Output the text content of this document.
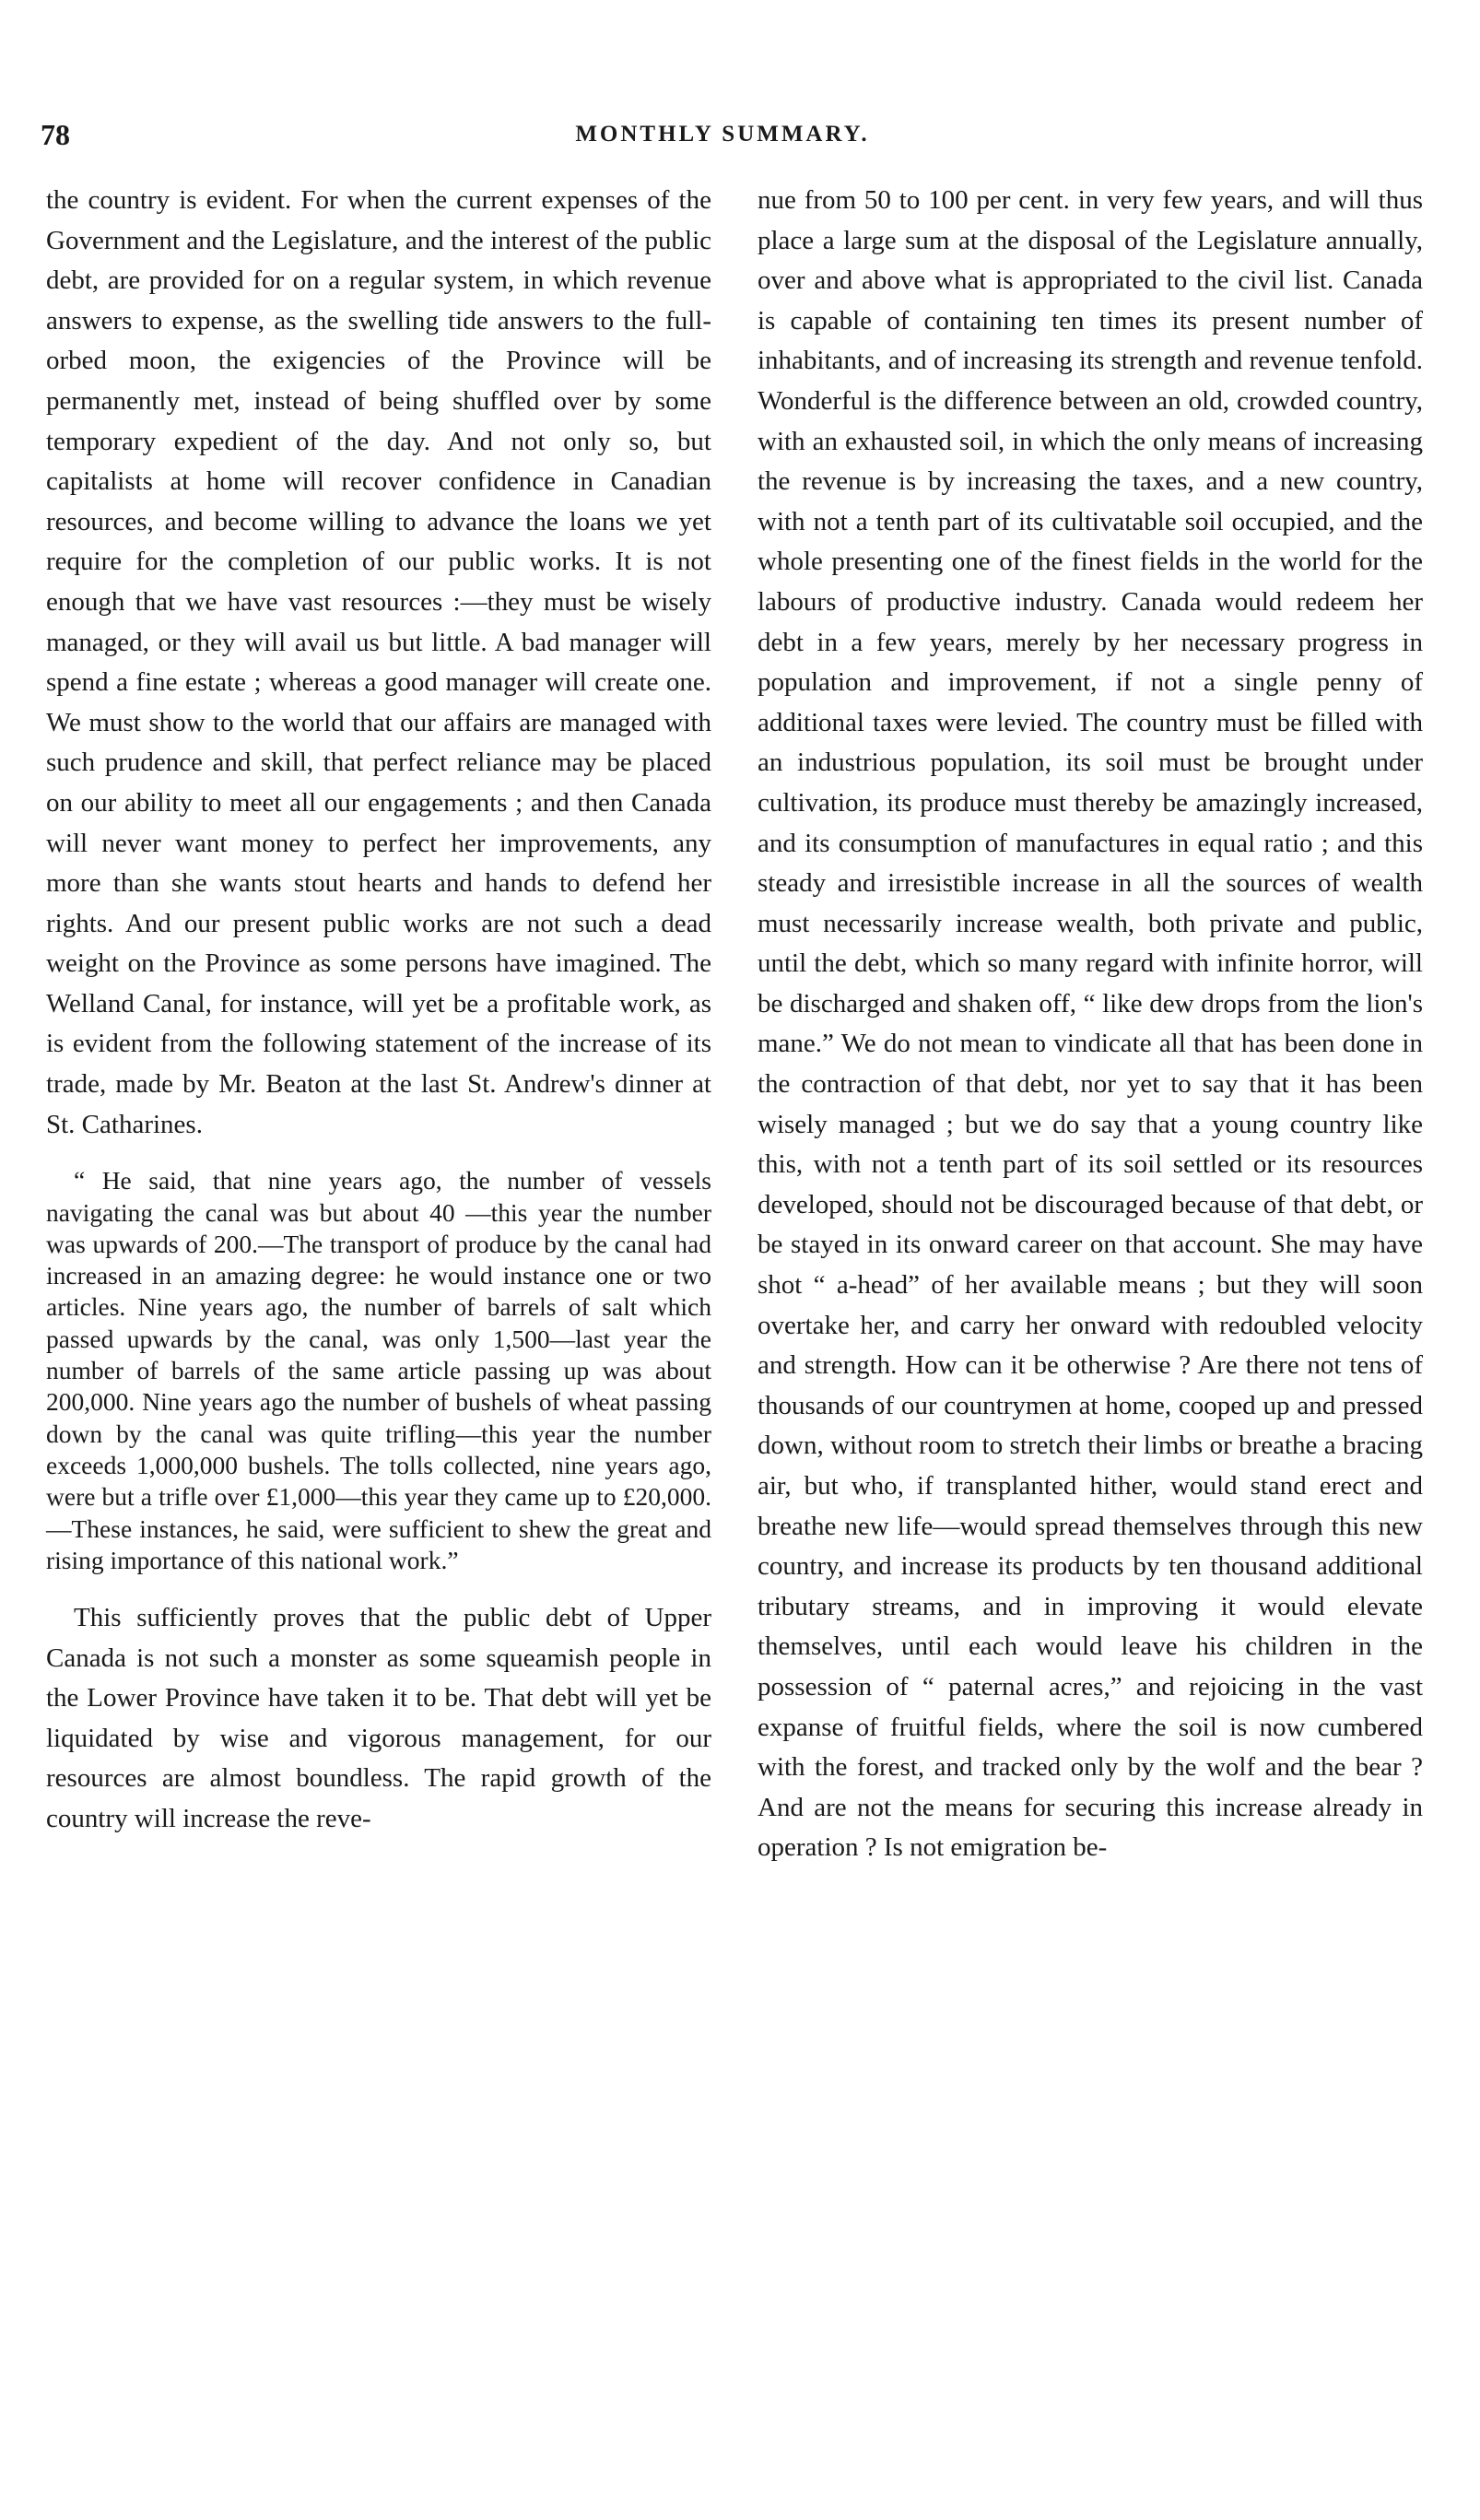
78	MONTHLY SUMMARY.

the country is evident. For when the current expenses of the Government and the Legislature, and the interest of the public debt, are provided for on a regular system, in which revenue answers to expense, as the swelling tide answers to the full-orbed moon, the exigencies of the Province will be permanently met, instead of being shuffled over by some temporary expedient of the day. And not only so, but capitalists at home will recover confidence in Canadian resources, and become willing to advance the loans we yet require for the completion of our public works. It is not enough that we have vast resources :—they must be wisely managed, or they will avail us but little. A bad manager will spend a fine estate ; whereas a good manager will create one. We must show to the world that our affairs are managed with such prudence and skill, that perfect reliance may be placed on our ability to meet all our engagements ; and then Canada will never want money to perfect her improvements, any more than she wants stout hearts and hands to defend her rights. And our present public works are not such a dead weight on the Province as some persons have imagined. The Welland Canal, for instance, will yet be a profitable work, as is evident from the following statement of the increase of its trade, made by Mr. Beaton at the last St. Andrew's dinner at St. Catharines.

“ He said, that nine years ago, the number of vessels navigating the canal was but about 40 —this year the number was upwards of 200.—The transport of produce by the canal had increased in an amazing degree: he would instance one or two articles. Nine years ago, the number of barrels of salt which passed upwards by the canal, was only 1,500—last year the number of barrels of the same article passing up was about 200,000. Nine years ago the number of bushels of wheat passing down by the canal was quite trifling—this year the number exceeds 1,000,000 bushels. The tolls collected, nine years ago, were but a trifle over £1,000—this year they came up to £20,000.—These instances, he said, were sufficient to shew the great and rising importance of this national work.”

This sufficiently proves that the public debt of Upper Canada is not such a monster as some squeamish people in the Lower Province have taken it to be. That debt will yet be liquidated by wise and vigorous management, for our resources are almost boundless. The rapid growth of the country will increase the reve-

nue from 50 to 100 per cent. in very few years, and will thus place a large sum at the disposal of the Legislature annually, over and above what is appropriated to the civil list. Canada is capable of containing ten times its present number of inhabitants, and of increasing its strength and revenue tenfold. Wonderful is the difference between an old, crowded country, with an exhausted soil, in which the only means of increasing the revenue is by increasing the taxes, and a new country, with not a tenth part of its cultivatable soil occupied, and the whole presenting one of the finest fields in the world for the labours of productive industry. Canada would redeem her debt in a few years, merely by her necessary progress in population and improvement, if not a single penny of additional taxes were levied. The country must be filled with an industrious population, its soil must be brought under cultivation, its produce must thereby be amazingly increased, and its consumption of manufactures in equal ratio ; and this steady and irresistible increase in all the sources of wealth must necessarily increase wealth, both private and public, until the debt, which so many regard with infinite horror, will be discharged and shaken off, “ like dew drops from the lion's mane.” We do not mean to vindicate all that has been done in the contraction of that debt, nor yet to say that it has been wisely managed ; but we do say that a young country like this, with not a tenth part of its soil settled or its resources developed, should not be discouraged because of that debt, or be stayed in its onward career on that account. She may have shot “ a-head” of her available means ; but they will soon overtake her, and carry her onward with redoubled velocity and strength. How can it be otherwise ? Are there not tens of thousands of our countrymen at home, cooped up and pressed down, without room to stretch their limbs or breathe a bracing air, but who, if transplanted hither, would stand erect and breathe new life—would spread themselves through this new country, and increase its products by ten thousand additional tributary streams, and in improving it would elevate themselves, until each would leave his children in the possession of “ paternal acres,” and rejoicing in the vast expanse of fruitful fields, where the soil is now cumbered with the forest, and tracked only by the wolf and the bear ? And are not the means for securing this increase already in operation ? Is not emigration be-
